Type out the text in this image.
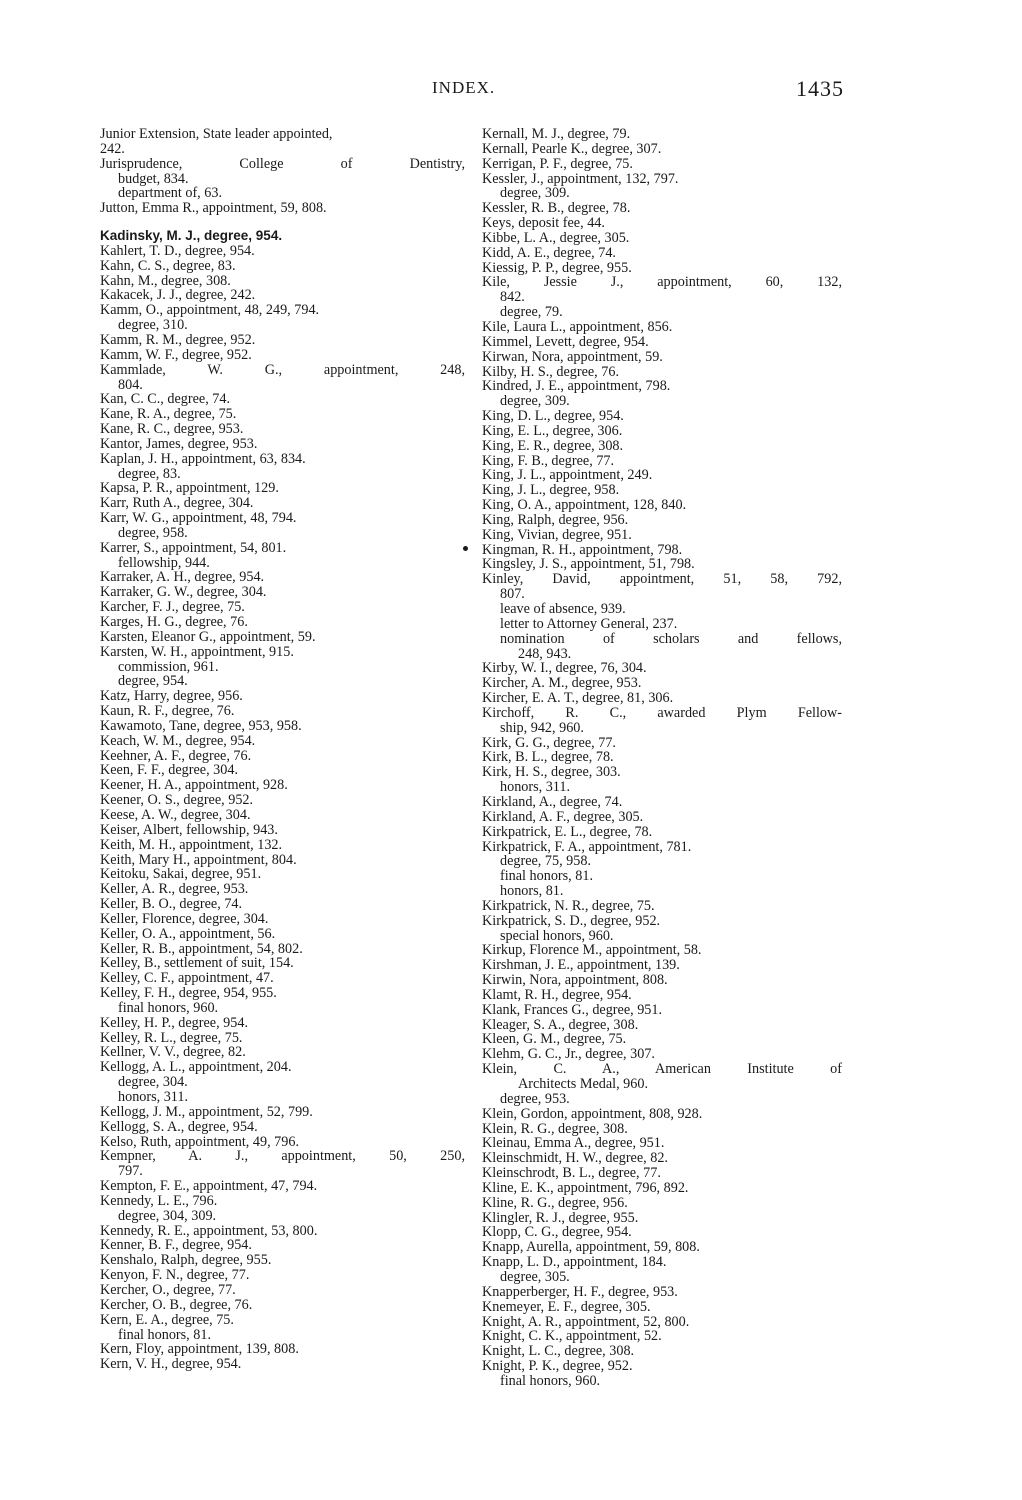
INDEX.	1435
Junior Extension, State leader appointed,
242.
Jurisprudence, College of Dentistry,
budget, 834.
department of, 63.
Jutton, Emma R., appointment, 59, 808.
Kadinsky, M. J., degree, 954.
Kahlert, T. D., degree, 954.
Kahn, C. S., degree, 83.
Kahn, M., degree, 308.
Kakacek, J. J., degree, 242.
Kamm, O., appointment, 48, 249, 794.
degree, 310.
Kamm, R. M., degree, 952.
Kamm, W. F., degree, 952.
Kammlade, W. G., appointment, 248,
804.
Kan, C. C., degree, 74.
Kane, R. A., degree, 75.
Kane, R. C., degree, 953.
Kantor, James, degree, 953.
Kaplan, J. H., appointment, 63, 834.
degree, 83.
Kapsa, P. R., appointment, 129.
Karr, Ruth A., degree, 304.
Karr, W. G., appointment, 48, 794.
degree, 958.
Karrer, S., appointment, 54, 801.
fellowship, 944.
Karraker, A. H., degree, 954.
Karraker, G. W., degree, 304.
Karcher, F. J., degree, 75.
Karges, H. G., degree, 76.
Karsten, Eleanor G., appointment, 59.
Karsten, W. H., appointment, 915.
commission, 961.
degree, 954.
Katz, Harry, degree, 956.
Kaun, R. F., degree, 76.
Kawamoto, Tane, degree, 953, 958.
Keach, W. M., degree, 954.
Keehner, A. F., degree, 76.
Keen, F. F., degree, 304.
Keener, H. A., appointment, 928.
Keener, O. S., degree, 952.
Keese, A. W., degree, 304.
Keiser, Albert, fellowship, 943.
Keith, M. H., appointment, 132.
Keith, Mary H., appointment, 804.
Keitoku, Sakai, degree, 951.
Keller, A. R., degree, 953.
Keller, B. O., degree, 74.
Keller, Florence, degree, 304.
Keller, O. A., appointment, 56.
Keller, R. B., appointment, 54, 802.
Kelley, B., settlement of suit, 154.
Kelley, C. F., appointment, 47.
Kelley, F. H., degree, 954, 955.
final honors, 960.
Kelley, H. P., degree, 954.
Kelley, R. L., degree, 75.
Kellner, V. V., degree, 82.
Kellogg, A. L., appointment, 204.
degree, 304.
honors, 311.
Kellogg, J. M., appointment, 52, 799.
Kellogg, S. A., degree, 954.
Kelso, Ruth, appointment, 49, 796.
Kempner, A. J., appointment, 50, 250,
797.
Kempton, F. E., appointment, 47, 794.
Kennedy, L. E., 796.
degree, 304, 309.
Kennedy, R. E., appointment, 53, 800.
Kenner, B. F., degree, 954.
Kenshalo, Ralph, degree, 955.
Kenyon, F. N., degree, 77.
Kercher, O., degree, 77.
Kercher, O. B., degree, 76.
Kern, E. A., degree, 75.
final honors, 81.
Kern, Floy, appointment, 139, 808.
Kern, V. H., degree, 954.
Kernall, M. J., degree, 79.
Kernall, Pearle K., degree, 307.
Kerrigan, P. F., degree, 75.
Kessler, J., appointment, 132, 797.
degree, 309.
Kessler, R. B., degree, 78.
Keys, deposit fee, 44.
Kibbe, L. A., degree, 305.
Kidd, A. E., degree, 74.
Kiessig, P. P., degree, 955.
Kile, Jessie J., appointment, 60, 132,
842.
degree, 79.
Kile, Laura L., appointment, 856.
Kimmel, Levett, degree, 954.
Kirwan, Nora, appointment, 59.
Kilby, H. S., degree, 76.
Kindred, J. E., appointment, 798.
degree, 309.
King, D. L., degree, 954.
King, E. L., degree, 306.
King, E. R., degree, 308.
King, F. B., degree, 77.
King, J. L., appointment, 249.
King, J. L., degree, 958.
King, O. A., appointment, 128, 840.
King, Ralph, degree, 956.
King, Vivian, degree, 951.
Kingman, R. H., appointment, 798.
Kingsley, J. S., appointment, 51, 798.
Kinley, David, appointment, 51, 58, 792,
807.
leave of absence, 939.
letter to Attorney General, 237.
nomination of scholars and fellows,
248, 943.
Kirby, W. I., degree, 76, 304.
Kircher, A. M., degree, 953.
Kircher, E. A. T., degree, 81, 306.
Kirchoff, R. C., awarded Plym Fellow-
ship, 942, 960.
Kirk, G. G., degree, 77.
Kirk, B. L., degree, 78.
Kirk, H. S., degree, 303.
honors, 311.
Kirkland, A., degree, 74.
Kirkland, A. F., degree, 305.
Kirkpatrick, E. L., degree, 78.
Kirkpatrick, F. A., appointment, 781.
degree, 75, 958.
final honors, 81.
honors, 81.
Kirkpatrick, N. R., degree, 75.
Kirkpatrick, S. D., degree, 952.
special honors, 960.
Kirkup, Florence M., appointment, 58.
Kirshman, J. E., appointment, 139.
Kirwin, Nora, appointment, 808.
Klamt, R. H., degree, 954.
Klank, Frances G., degree, 951.
Kleager, S. A., degree, 308.
Kleen, G. M., degree, 75.
Klehm, G. C., Jr., degree, 307.
Klein, C. A., American Institute of
Architects Medal, 960.
degree, 953.
Klein, Gordon, appointment, 808, 928.
Klein, R. G., degree, 308.
Kleinau, Emma A., degree, 951.
Kleinschmidt, H. W., degree, 82.
Kleinschrodt, B. L., degree, 77.
Kline, E. K., appointment, 796, 892.
Kline, R. G., degree, 956.
Klingler, R. J., degree, 955.
Klopp, C. G., degree, 954.
Knapp, Aurella, appointment, 59, 808.
Knapp, L. D., appointment, 184.
degree, 305.
Knapperberger, H. F., degree, 953.
Knemeyer, E. F., degree, 305.
Knight, A. R., appointment, 52, 800.
Knight, C. K., appointment, 52.
Knight, L. C., degree, 308.
Knight, P. K., degree, 952.
final honors, 960.
